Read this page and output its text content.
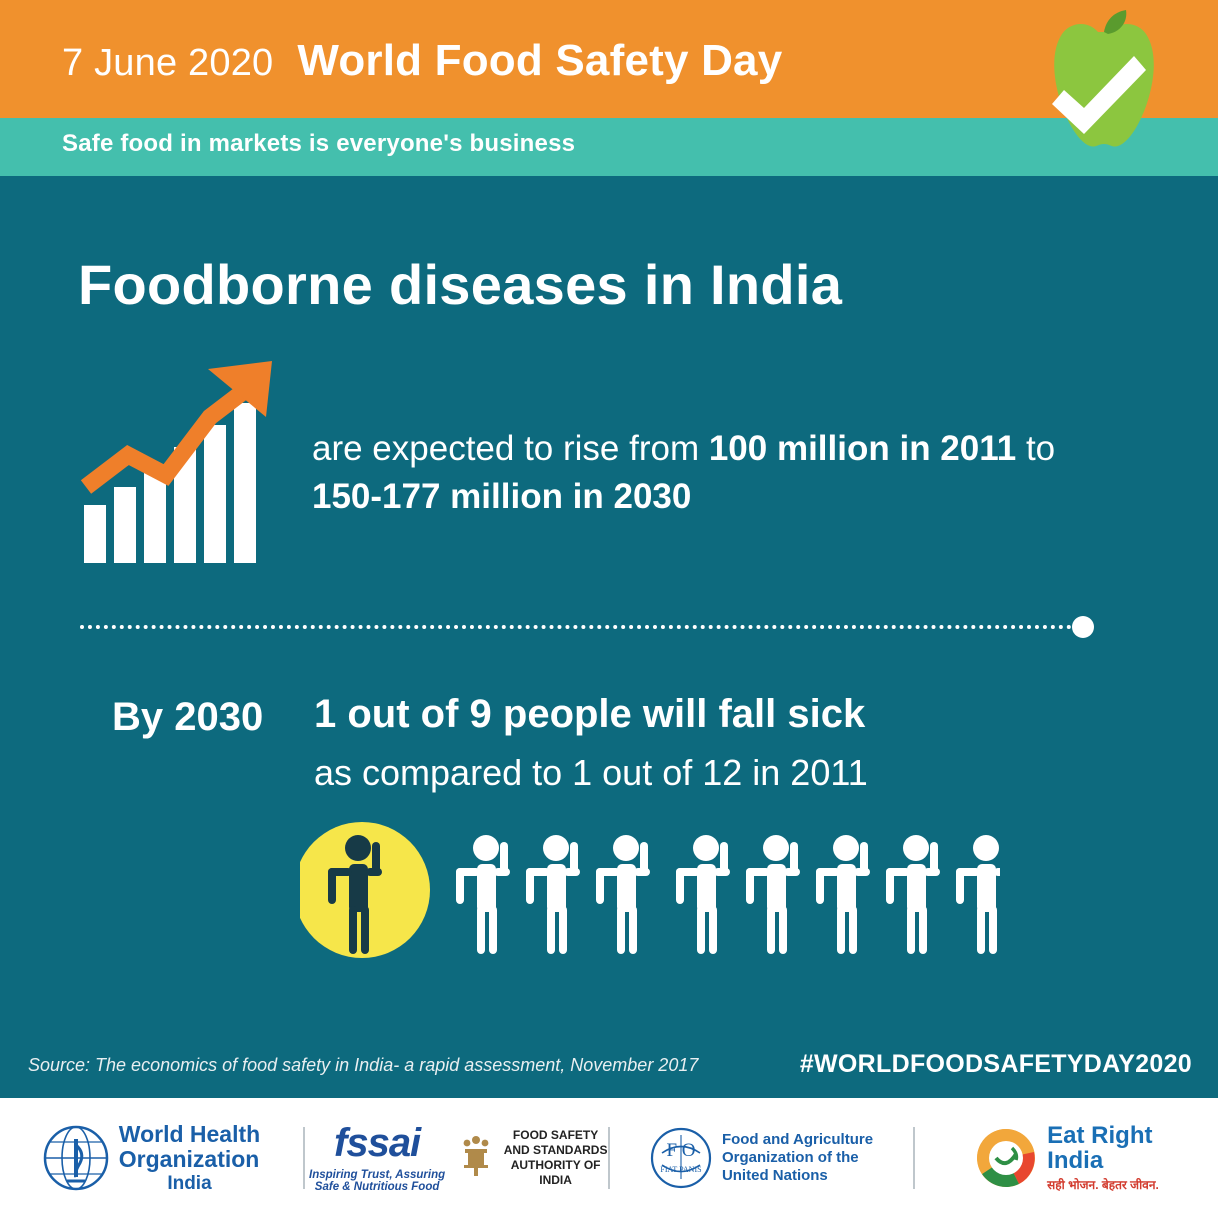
7 June 2020 World Food Safety Day
Safe food in markets is everyone's business
Foodborne diseases in India
are expected to rise from 100 million in 2011 to 150-177 million in 2030
By 2030 1 out of 9 people will fall sick
as compared to 1 out of 12 in 2011
Source: The economics of food safety in India- a rapid assessment, November 2017	#WORLDFOODSAFETYDAY2020
World Health
Organization
India
fssai
Inspiring Trust, Assuring Safe & Nutritious Food
FOOD SAFETY AND STANDARDS
AUTHORITY OF INDIA
F O
FIAT PANIS
Food and Agriculture
Organization of the
United Nations
Eat Right
India
सही भोजन. बेहतर जीवन.
